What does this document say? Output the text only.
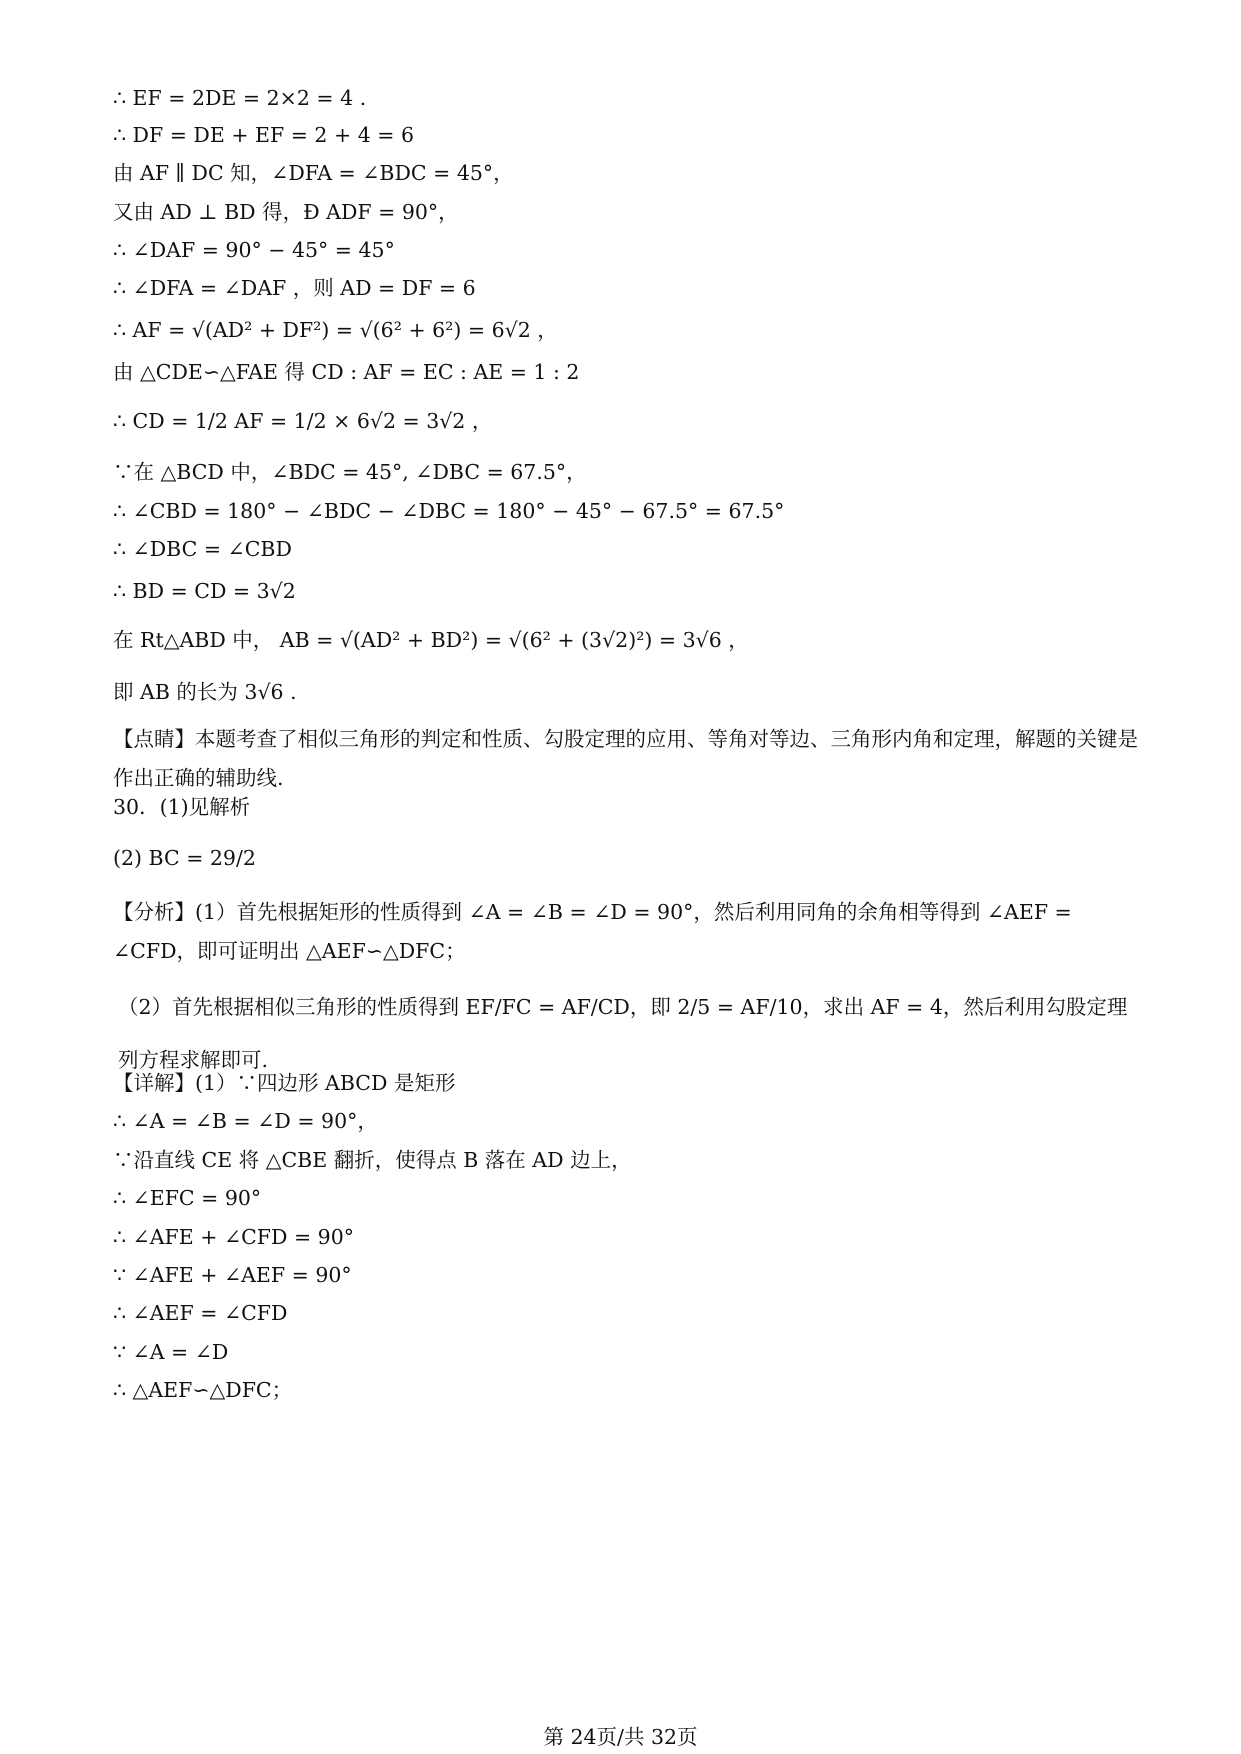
∴ EF = 2DE = 2×2 = 4 .
∴ DF = DE + EF = 2 + 4 = 6
由 AF ∥ DC 知，∠DFA = ∠BDC = 45°，
又由 AD ⊥ BD 得，Ð ADF = 90°，
∴ ∠DAF = 90° − 45° = 45°
∴ ∠DFA = ∠DAF ，则 AD = DF = 6
∴ AF = √(AD² + DF²) = √(6² + 6²) = 6√2 ，
由 △CDE∽△FAE 得 CD : AF = EC : AE = 1 : 2
∴ CD = 1/2 AF = 1/2 × 6√2 = 3√2 ，
∵在 △BCD 中，∠BDC = 45°, ∠DBC = 67.5°，
∴ ∠CBD = 180° − ∠BDC − ∠DBC = 180° − 45° − 67.5° = 67.5°
∴ ∠DBC = ∠CBD
∴ BD = CD = 3√2
在 Rt△ABD 中， AB = √(AD² + BD²) = √(6² + (3√2)²) = 3√6 ，
即 AB 的长为 3√6 .
【点睛】本题考查了相似三角形的判定和性质、勾股定理的应用、等角对等边、三角形内角和定理，解题的关键是作出正确的辅助线.
30．(1)见解析
(2) BC = 29/2
【分析】(1）首先根据矩形的性质得到 ∠A = ∠B = ∠D = 90°，然后利用同角的余角相等得到 ∠AEF = ∠CFD，即可证明出 △AEF∽△DFC；
（2）首先根据相似三角形的性质得到 EF/FC = AF/CD，即 2/5 = AF/10，求出 AF = 4，然后利用勾股定理列方程求解即可.
【详解】(1）∵四边形 ABCD 是矩形
∴ ∠A = ∠B = ∠D = 90°，
∵沿直线 CE 将 △CBE 翻折，使得点 B 落在 AD 边上，
∴ ∠EFC = 90°
∴ ∠AFE + ∠CFD = 90°
∵ ∠AFE + ∠AEF = 90°
∴ ∠AEF = ∠CFD
∵ ∠A = ∠D
∴ △AEF∽△DFC；
第 24页/共 32页
